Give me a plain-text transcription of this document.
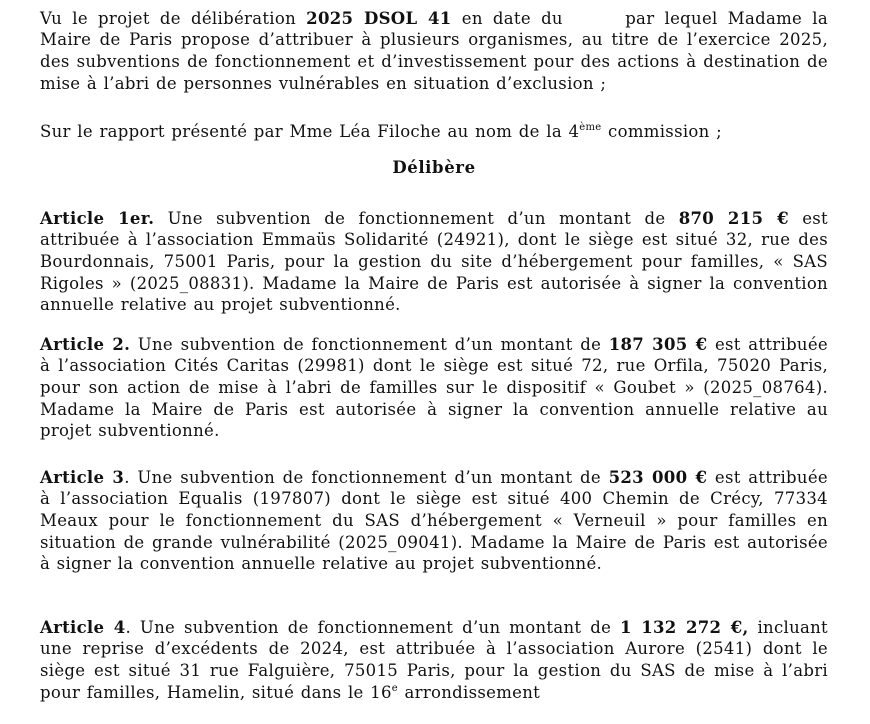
Vu le projet de délibération 2025 DSOL 41 en date du	par lequel Madame la Maire de Paris propose d’attribuer à plusieurs organismes, au titre de l’exercice 2025, des subventions de fonctionnement et d’investissement pour des actions à destination de mise à l’abri de personnes vulnérables en situation d’exclusion ;

Sur le rapport présenté par Mme Léa Filoche au nom de la 4ème commission ;

Délibère

Article 1er. Une subvention de fonctionnement d’un montant de 870 215 € est attribuée à l’association Emmaüs Solidarité (24921), dont le siège est situé 32, rue des Bourdonnais, 75001 Paris, pour la gestion du site d’hébergement pour familles, « SAS Rigoles » (2025_08831). Madame la Maire de Paris est autorisée à signer la convention annuelle relative au projet subventionné.

Article 2. Une subvention de fonctionnement d’un montant de 187 305 € est attribuée à l’association Cités Caritas (29981) dont le siège est situé 72, rue Orfila, 75020 Paris, pour son action de mise à l’abri de familles sur le dispositif « Goubet » (2025_08764). Madame la Maire de Paris est autorisée à signer la convention annuelle relative au projet subventionné.

Article 3. Une subvention de fonctionnement d’un montant de 523 000 € est attribuée à l’association Equalis (197807) dont le siège est situé 400 Chemin de Crécy, 77334 Meaux pour le fonctionnement du SAS d’hébergement « Verneuil » pour familles en situation de grande vulnérabilité (2025_09041). Madame la Maire de Paris est autorisée à signer la convention annuelle relative au projet subventionné.

Article 4. Une subvention de fonctionnement d’un montant de 1 132 272 €, incluant une reprise d’excédents de 2024, est attribuée à l’association Aurore (2541) dont le siège est situé 31 rue Falguière, 75015 Paris, pour la gestion du SAS de mise à l’abri pour familles, Hamelin, situé dans le 16e arrondissement
